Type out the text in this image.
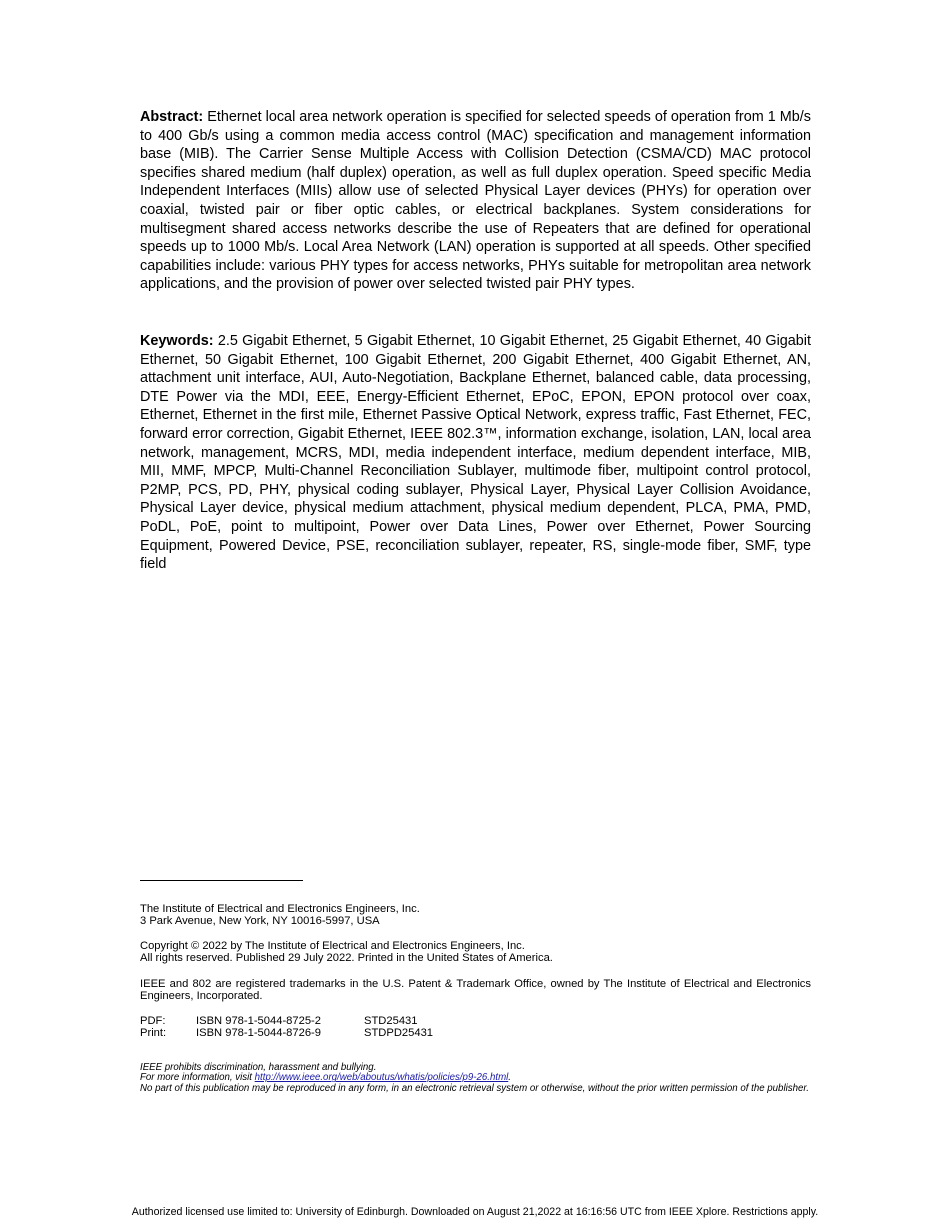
Abstract: Ethernet local area network operation is specified for selected speeds of operation from 1 Mb/s to 400 Gb/s using a common media access control (MAC) specification and management information base (MIB). The Carrier Sense Multiple Access with Collision Detection (CSMA/CD) MAC protocol specifies shared medium (half duplex) operation, as well as full duplex operation. Speed specific Media Independent Interfaces (MIIs) allow use of selected Physical Layer devices (PHYs) for operation over coaxial, twisted pair or fiber optic cables, or electrical backplanes. System considerations for multisegment shared access networks describe the use of Repeaters that are defined for operational speeds up to 1000 Mb/s. Local Area Network (LAN) operation is supported at all speeds. Other specified capabilities include: various PHY types for access networks, PHYs suitable for metropolitan area network applications, and the provision of power over selected twisted pair PHY types.

Keywords: 2.5 Gigabit Ethernet, 5 Gigabit Ethernet, 10 Gigabit Ethernet, 25 Gigabit Ethernet, 40 Gigabit Ethernet, 50 Gigabit Ethernet, 100 Gigabit Ethernet, 200 Gigabit Ethernet, 400 Gigabit Ethernet, AN, attachment unit interface, AUI, Auto-Negotiation, Backplane Ethernet, balanced cable, data processing, DTE Power via the MDI, EEE, Energy-Efficient Ethernet, EPoC, EPON, EPON protocol over coax, Ethernet, Ethernet in the first mile, Ethernet Passive Optical Network, express traffic, Fast Ethernet, FEC, forward error correction, Gigabit Ethernet, IEEE 802.3™, information exchange, isolation, LAN, local area network, management, MCRS, MDI, media independent interface, medium dependent interface, MIB, MII, MMF, MPCP, Multi-Channel Reconciliation Sublayer, multimode fiber, multipoint control protocol, P2MP, PCS, PD, PHY, physical coding sublayer, Physical Layer, Physical Layer Collision Avoidance, Physical Layer device, physical medium attachment, physical medium dependent, PLCA, PMA, PMD, PoDL, PoE, point to multipoint, Power over Data Lines, Power over Ethernet, Power Sourcing Equipment, Powered Device, PSE, reconciliation sublayer, repeater, RS, single-mode fiber, SMF, type field

The Institute of Electrical and Electronics Engineers, Inc.
3 Park Avenue, New York, NY 10016-5997, USA

Copyright © 2022 by The Institute of Electrical and Electronics Engineers, Inc.
All rights reserved. Published 29 July 2022. Printed in the United States of America.

IEEE and 802 are registered trademarks in the U.S. Patent & Trademark Office, owned by The Institute of Electrical and Electronics Engineers, Incorporated.

PDF:	ISBN 978-1-5044-8725-2	STD25431
Print:	ISBN 978-1-5044-8726-9	STDPD25431

IEEE prohibits discrimination, harassment and bullying.
For more information, visit http://www.ieee.org/web/aboutus/whatis/policies/p9-26.html.
No part of this publication may be reproduced in any form, in an electronic retrieval system or otherwise, without the prior written permission of the publisher.

Authorized licensed use limited to: University of Edinburgh. Downloaded on August 21,2022 at 16:16:56 UTC from IEEE Xplore. Restrictions apply.
